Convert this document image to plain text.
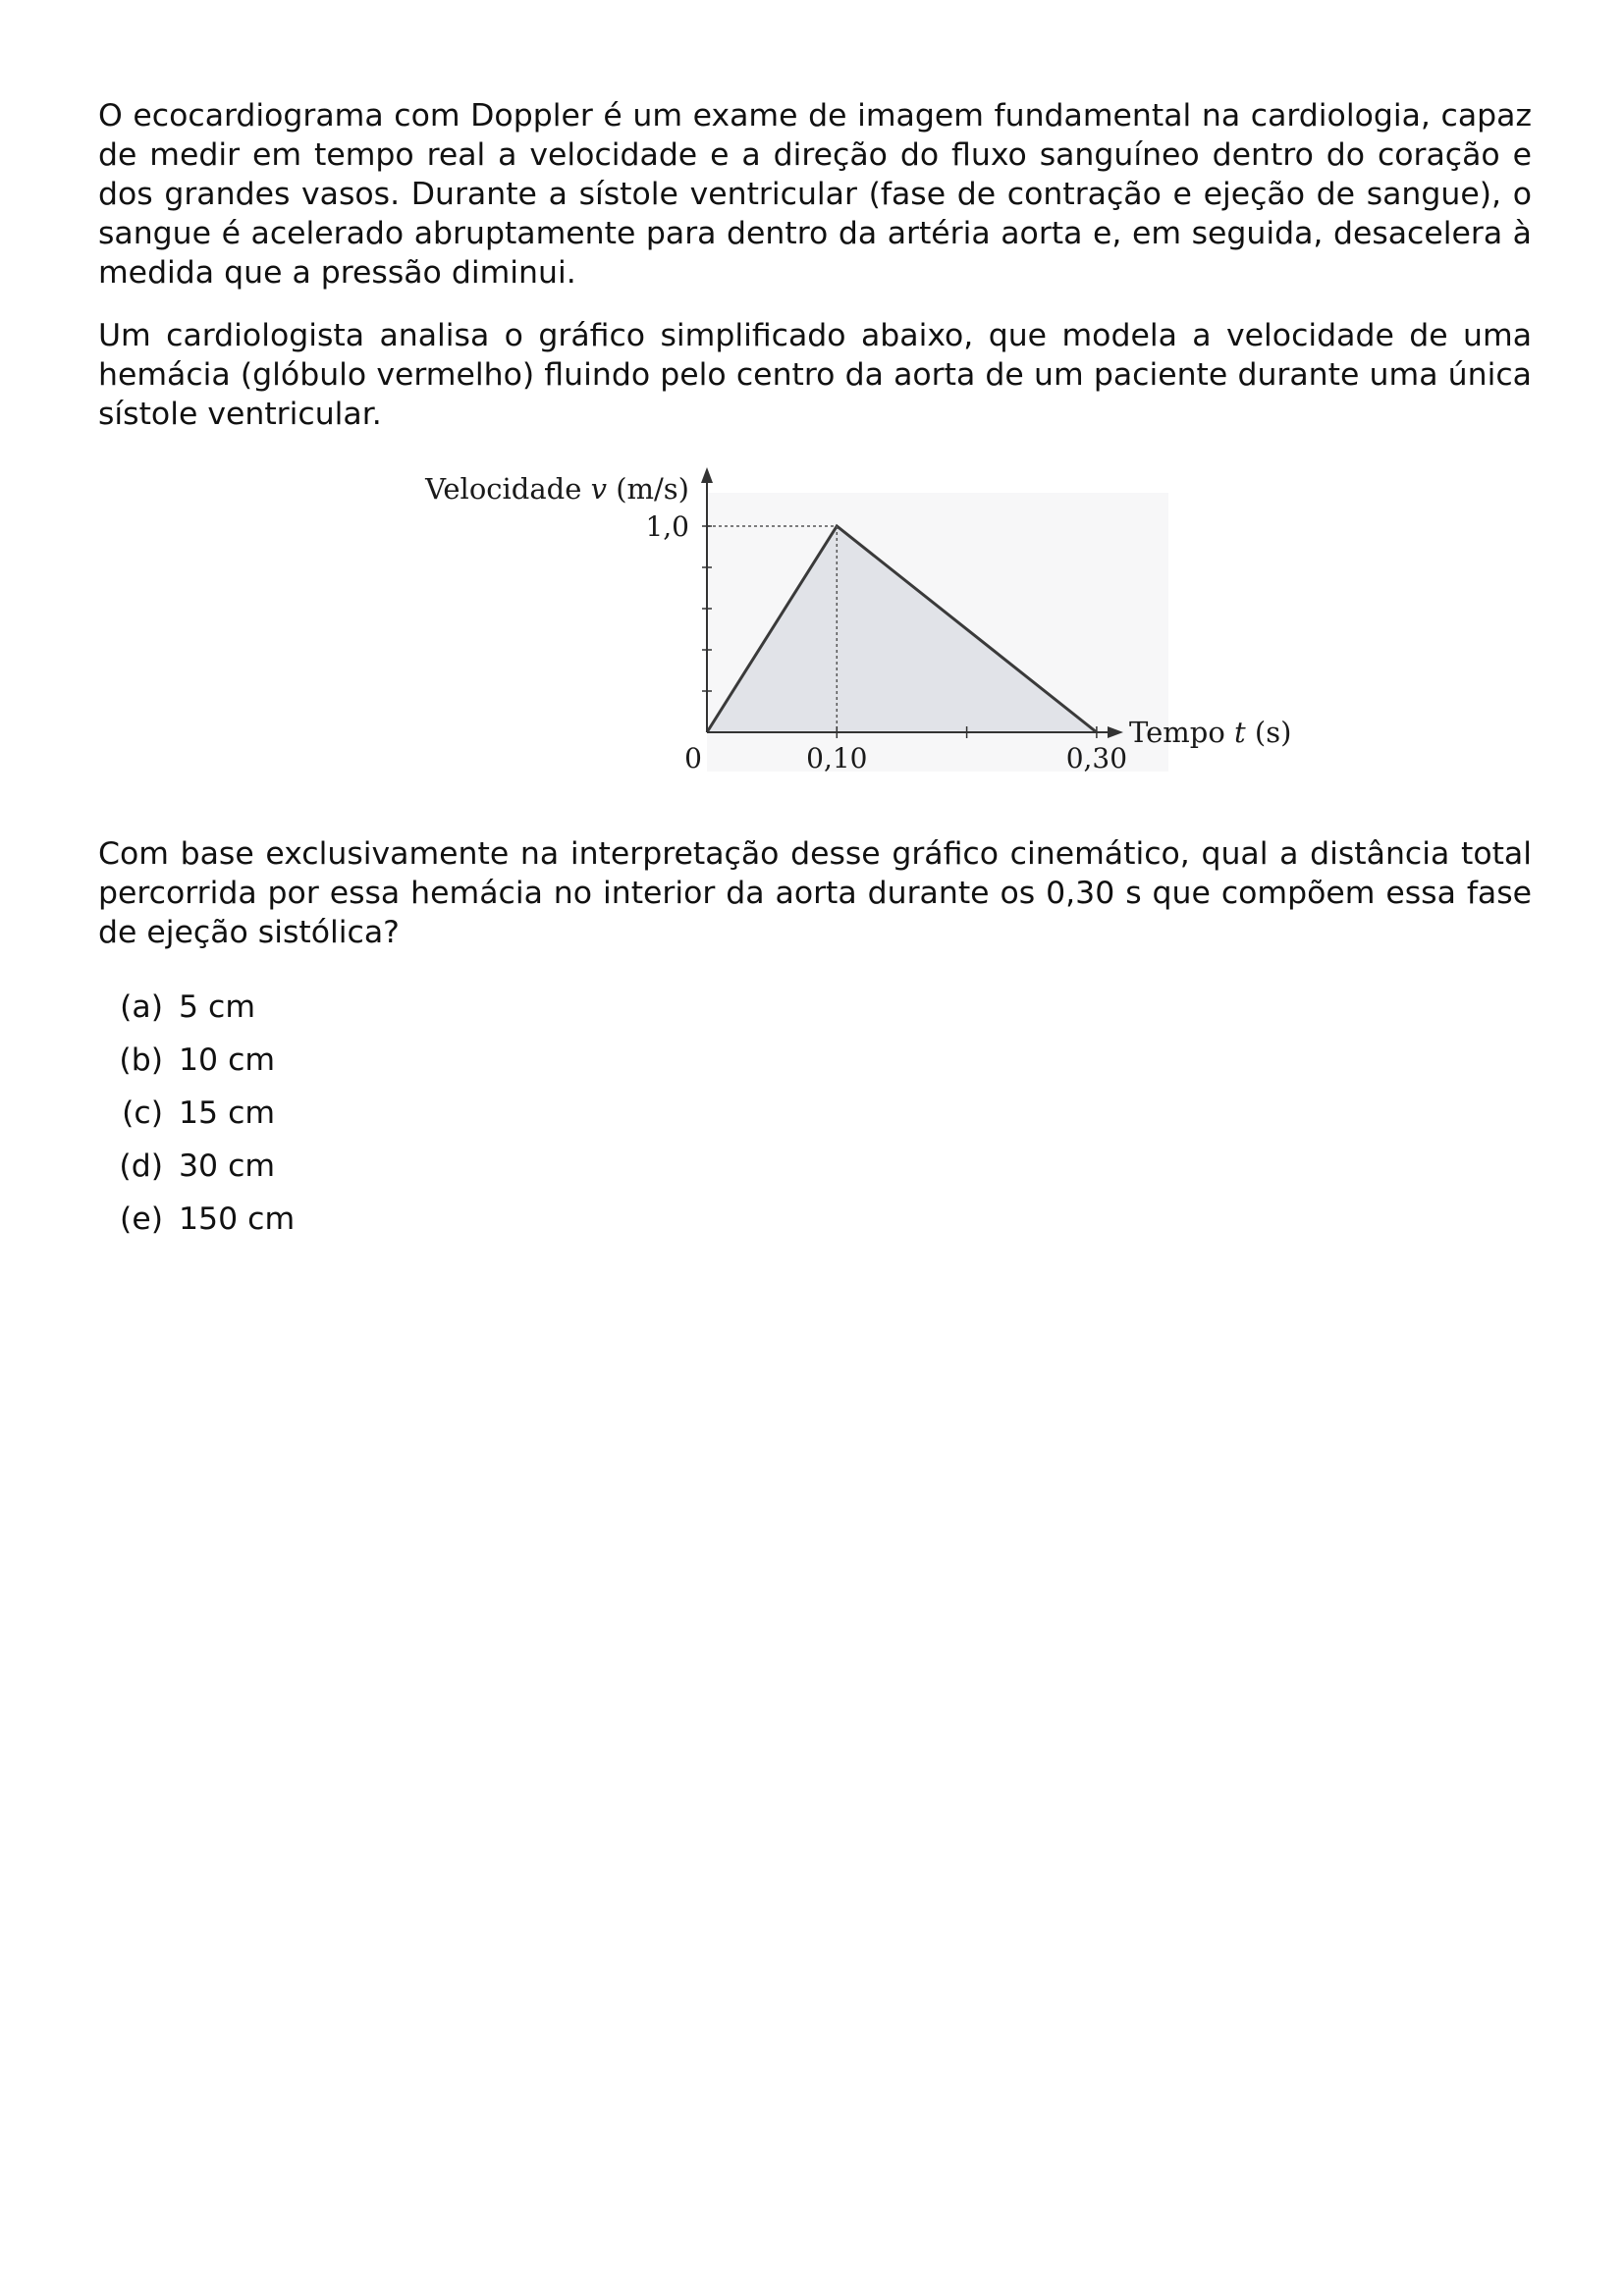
O ecocardiograma com Doppler é um exame de imagem fundamental na cardiologia, capaz de medir em tempo real a velocidade e a direção do fluxo sanguíneo dentro do coração e dos grandes vasos. Durante a sístole ventricular (fase de contração e ejeção de sangue), o sangue é acelerado abruptamente para dentro da artéria aorta e, em seguida, desacelera à medida que a pressão diminui.

Um cardiologista analisa o gráfico simplificado abaixo, que modela a velocidade de uma hemácia (glóbulo vermelho) fluindo pelo centro da aorta de um paciente durante uma única sístole ventricular.

Velocidade v (m/s)
Tempo t (s)
0	0,10	0,30
1,0

Com base exclusivamente na interpretação desse gráfico cinemático, qual a distância total percorrida por essa hemácia no interior da aorta durante os 0,30 s que compõem essa fase de ejeção sistólica?

(a) 5 cm
(b) 10 cm
(c) 15 cm
(d) 30 cm
(e) 150 cm
